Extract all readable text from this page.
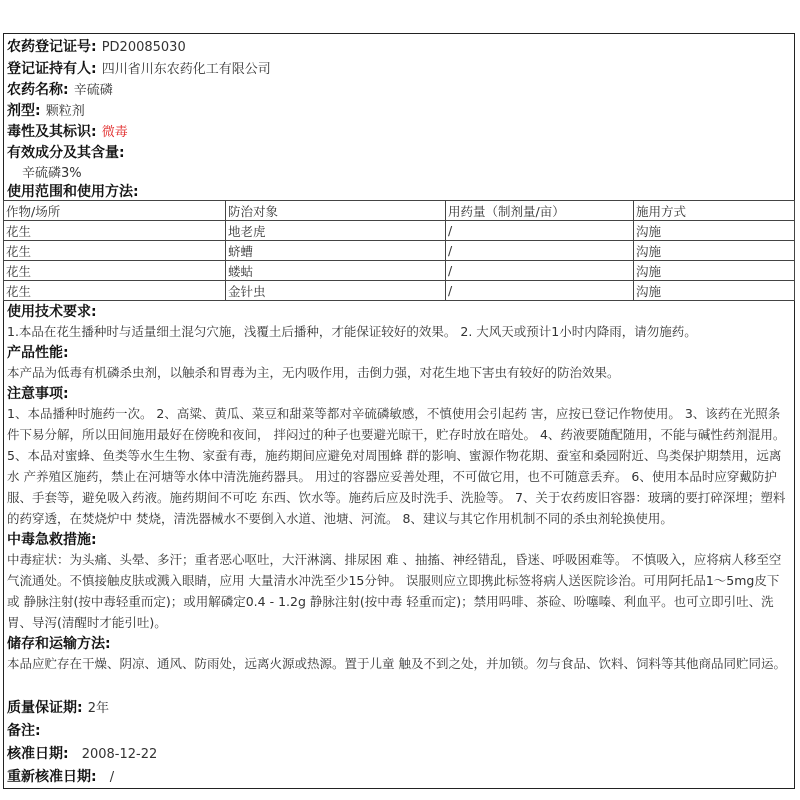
农药登记证号: PD20085030
登记证持有人: 四川省川东农药化工有限公司
农药名称: 辛硫磷
剂型: 颗粒剂
毒性及其标识: 微毒
有效成分及其含量:
辛硫磷3%
使用范围和使用方法:
作物/场所	防治对象	用药量（制剂量/亩）	施用方式
花生	地老虎	/	沟施
花生	蛴螬	/	沟施
花生	蝼蛄	/	沟施
花生	金针虫	/	沟施
使用技术要求:
1.本品在花生播种时与适量细土混匀穴施，浅覆土后播种，才能保证较好的效果。 2. 大风天或预计1小时内降雨，请勿施药。
产品性能:
本产品为低毒有机磷杀虫剂，以触杀和胃毒为主，无内吸作用，击倒力强，对花生地下害虫有较好的防治效果。
注意事项:
1、本品播种时施药一次。 2、高粱、黄瓜、菜豆和甜菜等都对辛硫磷敏感，不慎使用会引起药 害，应按已登记作物使用。 3、该药在光照条件下易分解，所以田间施用最好在傍晚和夜间， 拌闷过的种子也要避光晾干，贮存时放在暗处。 4、药液要随配随用，不能与碱性药剂混用。 5、本品对蜜蜂、鱼类等水生生物、家蚕有毒，施药期间应避免对周围蜂 群的影响、蜜源作物花期、蚕室和桑园附近、鸟类保护期禁用，远离水 产养殖区施药，禁止在河塘等水体中清洗施药器具。 用过的容器应妥善处理，不可做它用，也不可随意丢弃。 6、使用本品时应穿戴防护服、手套等，避免吸入药液。施药期间不可吃 东西、饮水等。施药后应及时洗手、洗脸等。 7、关于农药废旧容器：玻璃的要打碎深埋；塑料的药穿透，在焚烧炉中 焚烧，清洗器械水不要倒入水道、池塘、河流。 8、建议与其它作用机制不同的杀虫剂轮换使用。
中毒急救措施:
中毒症状：为头痛、头晕、多汗；重者恶心呕吐，大汗淋漓、排尿困 难 、抽搐、神经错乱，昏迷、呼吸困难等。 不慎吸入，应将病人移至空气流通处。不慎接触皮肤或溅入眼睛，应用 大量清水冲洗至少15分钟。 误服则应立即携此标签将病人送医院诊治。可用阿托品1～5mg皮下或 静脉注射(按中毒轻重而定)；或用解磷定0.4 - 1.2g 静脉注射(按中毒 轻重而定)；禁用吗啡、茶硷、吩噻嗪、利血平。也可立即引吐、洗 胃、导泻(清醒时才能引吐)。
储存和运输方法:
本品应贮存在干燥、阴凉、通风、防雨处，远离火源或热源。置于儿童 触及不到之处，并加锁。勿与食品、饮料、饲料等其他商品同贮同运。
质量保证期: 2年
备注:
核准日期: 2008-12-22
重新核准日期: /
